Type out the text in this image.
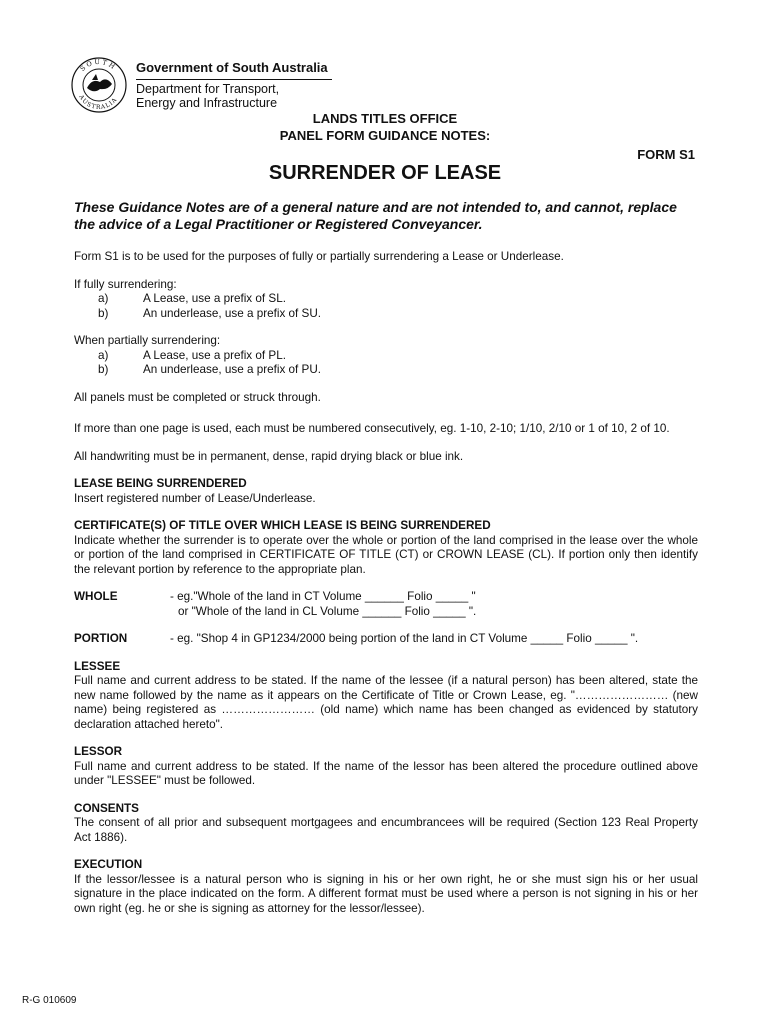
SOUTH
AUSTRALIA
Government of South Australia
Department for Transport,
Energy and Infrastructure
LANDS TITLES OFFICE
PANEL FORM GUIDANCE NOTES:
FORM S1
SURRENDER OF LEASE

These Guidance Notes are of a general nature and are not intended to, and cannot, replace the advice of a Legal Practitioner or Registered Conveyancer.

Form S1 is to be used for the purposes of fully or partially surrendering a Lease or Underlease.

If fully surrendering:
a)	A Lease, use a prefix of SL.
b)	An underlease, use a prefix of SU.
When partially surrendering:
a)	A Lease, use a prefix of PL.
b)	An underlease, use a prefix of PU.

All panels must be completed or struck through.

If more than one page is used, each must be numbered consecutively, eg. 1-10, 2-10; 1/10, 2/10 or 1 of 10, 2 of 10.

All handwriting must be in permanent, dense, rapid drying black or blue ink.

LEASE BEING SURRENDERED
Insert registered number of Lease/Underlease.

CERTIFICATE(S) OF TITLE OVER WHICH LEASE IS BEING SURRENDERED
Indicate whether the surrender is to operate over the whole or portion of the land comprised in the lease over the whole or portion of the land comprised in CERTIFICATE OF TITLE (CT) or CROWN LEASE (CL). If portion only then identify the relevant portion by reference to the appropriate plan.

WHOLE	- eg."Whole of the land in CT Volume ______ Folio _____ "
or "Whole of the land in CL Volume ______ Folio _____ ".
PORTION	- eg. "Shop 4 in GP1234/2000 being portion of the land in CT Volume _____ Folio _____ ".

LESSEE
Full name and current address to be stated. If the name of the lessee (if a natural person) has been altered, state the new name followed by the name as it appears on the Certificate of Title or Crown Lease, eg. "…………………… (new name) being registered as …………………… (old name) which name has been changed as evidenced by statutory declaration attached hereto".

LESSOR
Full name and current address to be stated. If the name of the lessor has been altered the procedure outlined above under "LESSEE" must be followed.

CONSENTS
The consent of all prior and subsequent mortgagees and encumbrancees will be required (Section 123 Real Property Act 1886).

EXECUTION
If the lessor/lessee is a natural person who is signing in his or her own right, he or she must sign his or her usual signature in the place indicated on the form. A different format must be used where a person is not signing in his or her own right (eg. he or she is signing as attorney for the lessor/lessee).

R-G 010609
